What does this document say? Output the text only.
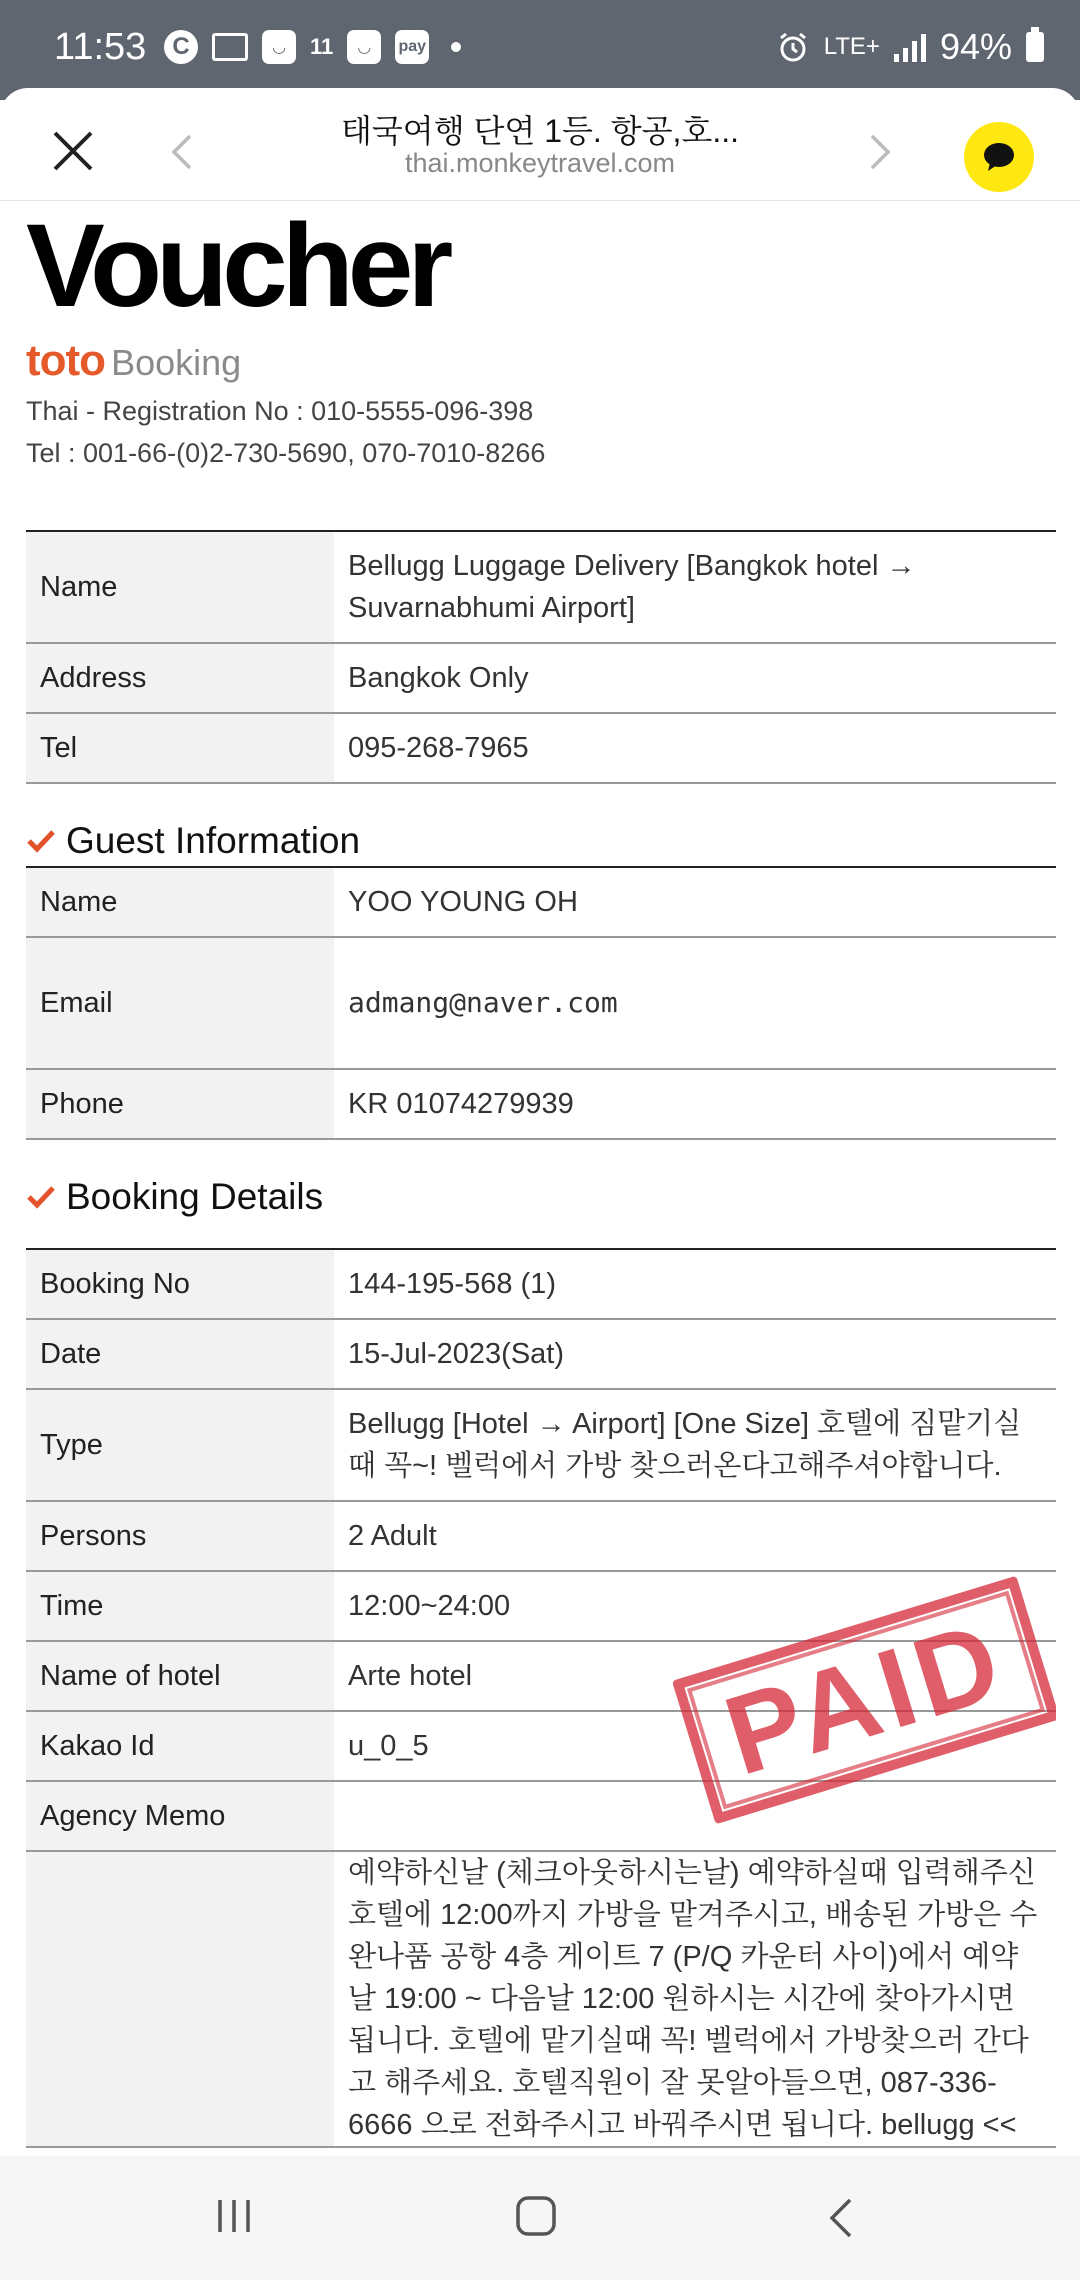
11:53	C	◡	11	◡	pay	LTE+ 94%
태국여행 단연 1등. 항공,호...
thai.monkeytravel.com
Voucher
toto Booking
Thai - Registration No : 010-5555-096-398
Tel : 001-66-(0)2-730-5690, 070-7010-8266
Name	Bellugg Luggage Delivery [Bangkok hotel → Suvarnabhumi Airport]
Address	Bangkok Only
Tel	095-268-7965
Guest Information
Name	YOO YOUNG OH
Email	admang@naver.com
Phone	KR 01074279939
Booking Details
Booking No	144-195-568 (1)
Date	15-Jul-2023(Sat)
Type	Bellugg [Hotel → Airport] [One Size] 호텔에 짐맡기실때 꼭~! 벨럭에서 가방 찾으러온다고해주셔야합니다.
Persons	2 Adult
Time	12:00~24:00
Name of hotel	Arte hotel
Kakao Id	u_0_5
Agency Memo	
	예약하신날 (체크아웃하시는날) 예약하실때 입력해주신 호텔에 12:00까지 가방을 맡겨주시고, 배송된 가방은 수완나품 공항 4층 게이트 7 (P/Q 카운터 사이)에서 예약날 19:00 ~ 다음날 12:00 원하시는 시간에 찾아가시면 됩니다. 호텔에 맡기실때 꼭! 벨럭에서 가방찾으러 간다고 해주세요. 호텔직원이 잘 못알아들으면, 087-336-6666 으로 전화주시고 바꿔주시면 됩니다. bellugg <<
PAID
